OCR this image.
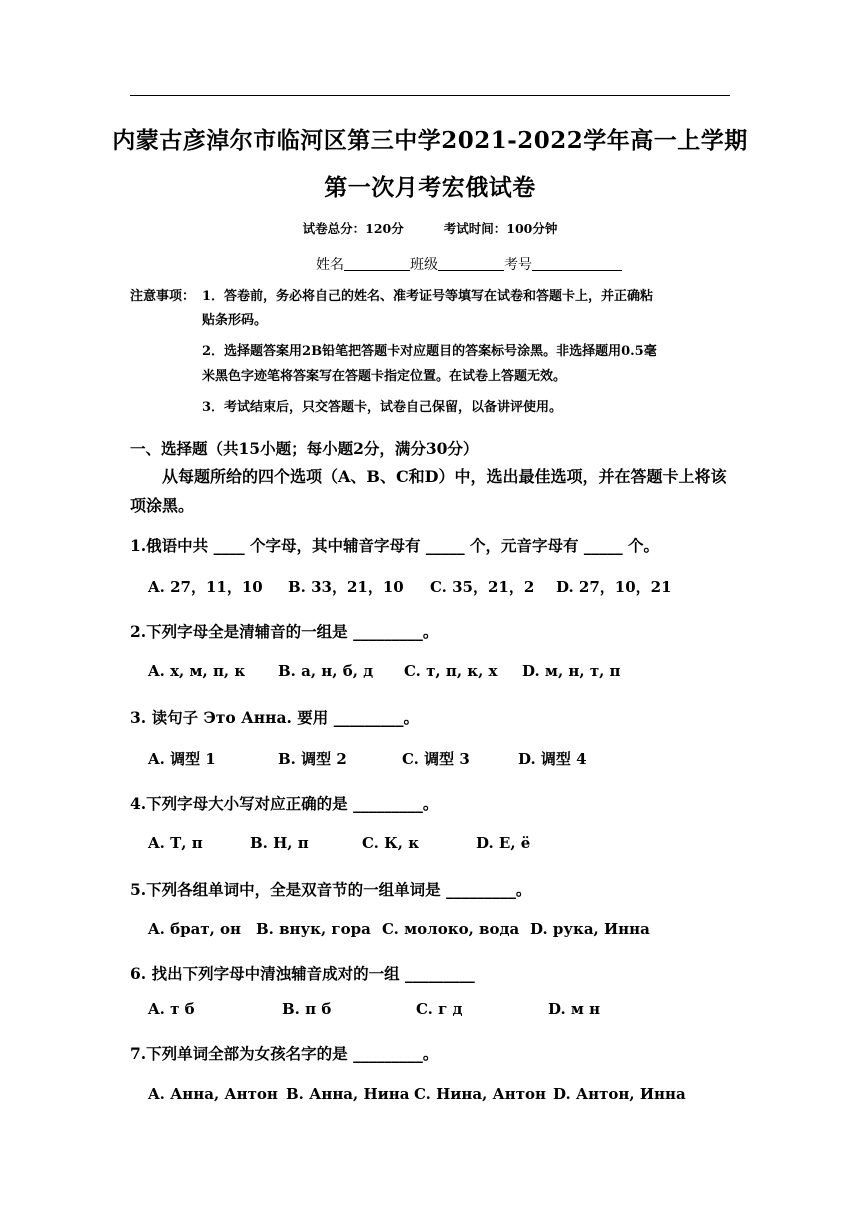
内蒙古彦淖尔市临河区第三中学2021-2022学年高一上学期
第一次月考宏俄试卷
试卷总分：120分	考试时间：100分钟
姓名	班级	考号
注意事项： 1．答卷前，务必将自己的姓名、准考证号等填写在试卷和答题卡上，并正确粘
贴条形码。
2．选择题答案用2B铅笔把答题卡对应题目的答案标号涂黑。非选择题用0.5毫
米黑色字迹笔将答案写在答题卡指定位置。在试卷上答题无效。
3．考试结束后，只交答题卡，试卷自己保留，以备讲评使用。
一、选择题（共15小题；每小题2分，满分30分）
从每题所给的四个选项（A、B、C和D）中，选出最佳选项，并在答题卡上将该项涂黑。
1.俄语中共 ____ 个字母，其中辅音字母有 _____ 个，元音字母有 _____ 个。
A. 27，11，10 B. 33，21，10 C. 35，21，2 D. 27，10，21
2.下列字母全是清辅音的一组是 _________。
A. х, м, п, к B. а, н, б, д C. т, п, к, х D. м, н, т, п
3. 读句子 Это Анна. 要用 _________。
A. 调型 1	B. 调型 2	C. 调型 3	D. 调型 4
4.下列字母大小写对应正确的是 _________。
A. Т, п	B. Н, п	C. К, к	D. Е, ё
5.下列各组单词中，全是双音节的一组单词是 _________。
A. брат, он B. внук, гора C. молоко, вода D. рука, Инна
6. 找出下列字母中清浊辅音成对的一组 _________
A. т б	B. п б	C. г д	D. м н
7.下列单词全部为女孩名字的是 _________。
A. Анна, Антон B. Анна, Нина C. Нина, Антон D. Антон, Инна
